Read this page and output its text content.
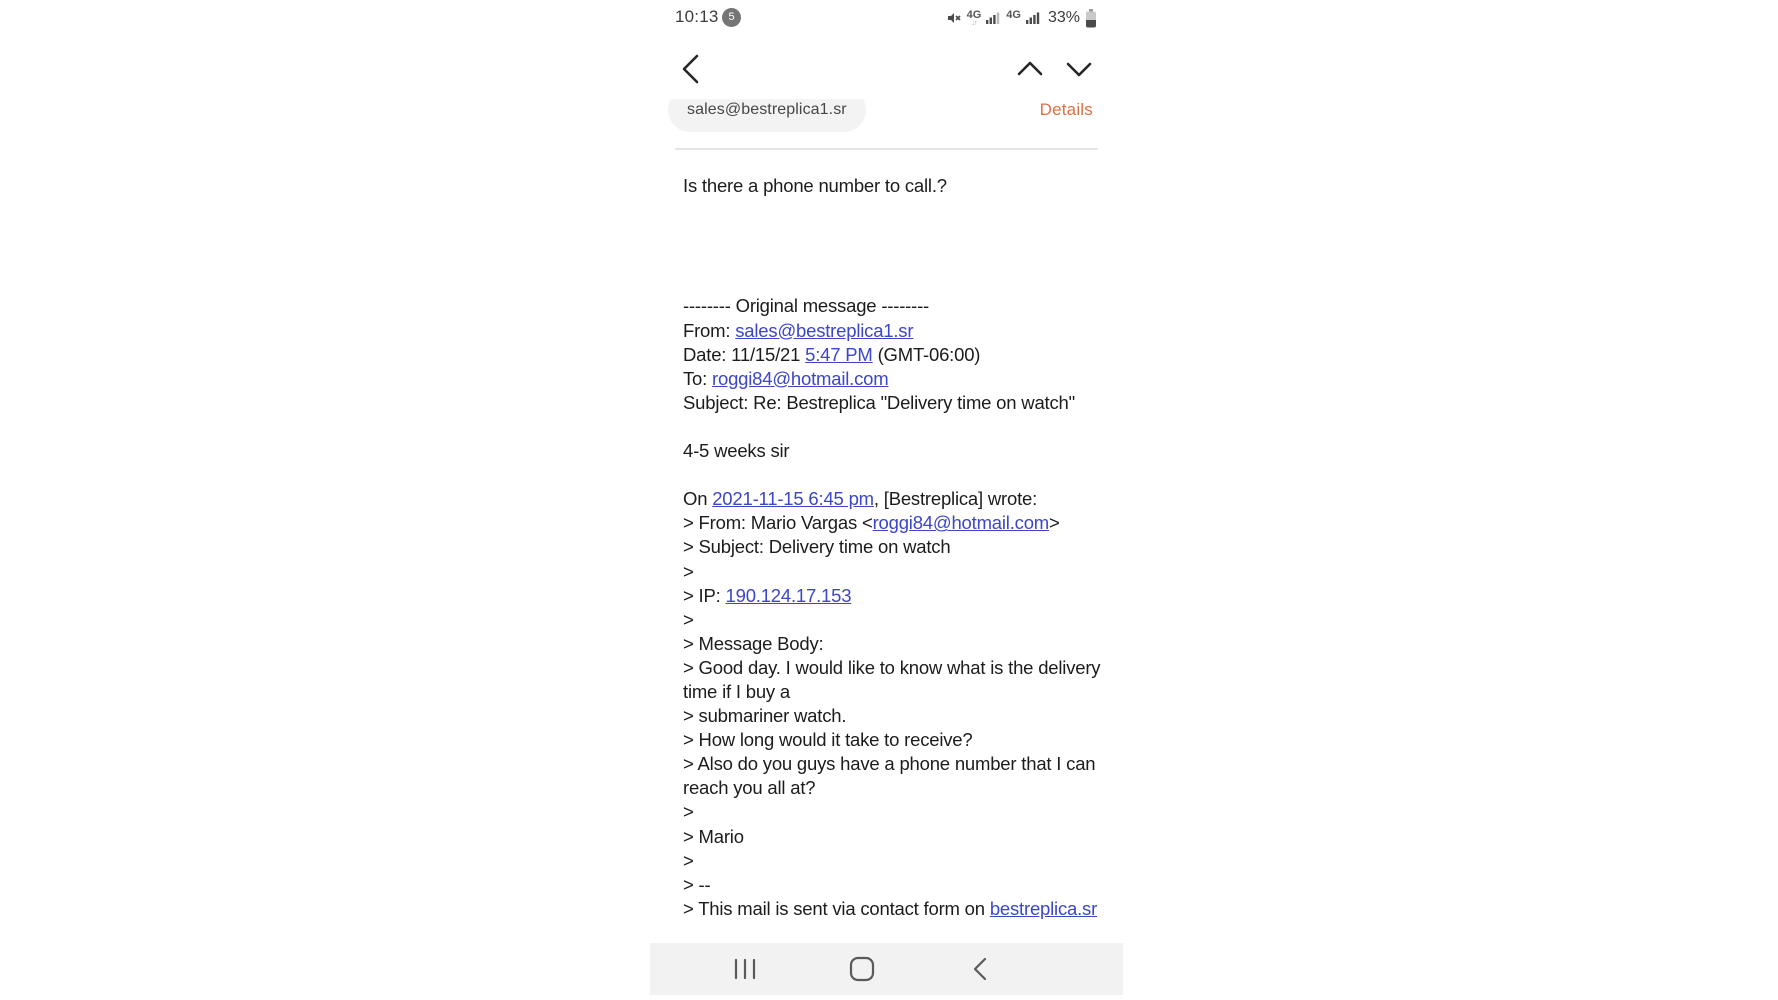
10:13 5	4G
↓↑
4G 33%
sales@bestreplica1.sr	Details
Is there a phone number to call.?

-------- Original message --------
From: sales@bestreplica1.sr
Date: 11/15/21 5:47 PM (GMT-06:00)
To: roggi84@hotmail.com
Subject: Re: Bestreplica "Delivery time on watch"

4-5 weeks sir

On 2021-11-15 6:45 pm, [Bestreplica] wrote:
> From: Mario Vargas <roggi84@hotmail.com>
> Subject: Delivery time on watch
>
> IP: 190.124.17.153
>
> Message Body:
> Good day. I would like to know what is the delivery
time if I buy a
> submariner watch.
> How long would it take to receive?
> Also do you guys have a phone number that I can
reach you all at?
>
> Mario
>
> --
> This mail is sent via contact form on bestreplica.sr
